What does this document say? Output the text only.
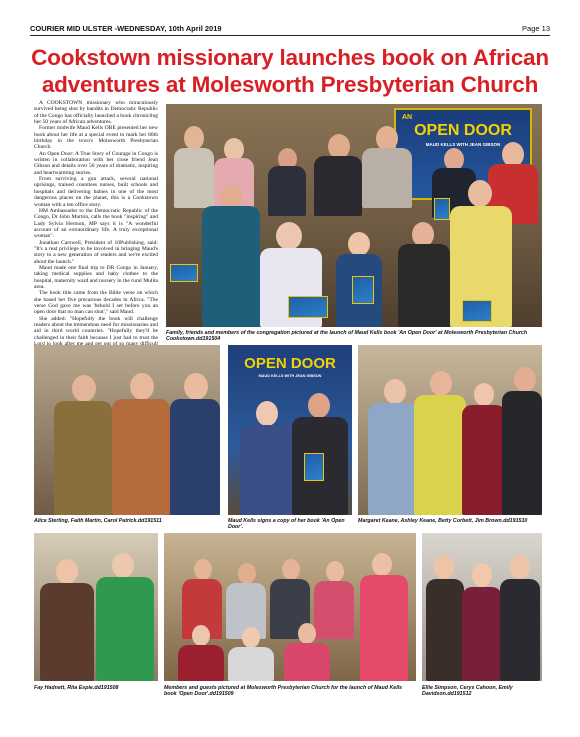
COURIER MID ULSTER -WEDNESDAY, 10th April 2019	Page 13
Cookstown missionary launches book on African adventures at Molesworth Presbyterian Church

A COOKSTOWN missionary who miraculously survived being shot by bandits in Democratic Republic of the Congo has officially launched a book chronicling her 50 years of African adventures.

Former midwife Maud Kells OBE presented her new book about her life at a special event to mark her 80th birthday in the town's Molesworth Presbyterian Church.

An Open Door: A True Story of Courage in Congo is written in collaboration with her close friend Jean Gibson and details over 50 years of dramatic, inspiring and heartwarming stories.

From surviving a gun attack, several national uprisings, trained countless nurses, built schools and hospitals and delivering babies in one of the most dangerous places on the planet, this is a Cookstown woman with a ten office story.

HM Ambassador to the Democratic Republic of the Congo, Dr John Murton, calls the book "inspiring" and Lady Sylvia Hermon, MP says it is "A wonderful account of an extraordinary life. A truly exceptional woman".

Jonathan Carswell, President of 10Publishing, said: "It's a real privilege to be involved in bringing Maud's story to a new generation of readers and we're excited about the launch."

Maud made one final trip to DR Congo in January, taking medical supplies and baby clothes to the hospital, maternity ward and nursery in the rural Mulita area.

The book title came from the Bible verse on which she based her five precarious decades in Africa. "The verse God gave me was 'behold I set before you an open door that no man can shut'," said Maud.

She added: "Hopefully the book will challenge readers about the tremendous need for missionaries and aid in third world countries. "Hopefully they'll be challenged in their faith because I just had to trust the

AN
OPEN DOOR
MAUD KELLS WITH JEAN GIBSON
Family, friends and members of the congregation pictured at the launch of Maud Kells book 'An Open Door' at Molesworth Presbyterian Church Cookstown.dd191504
Alice Sterling, Faith Martin, Carol Patrick.dd191511
OPEN DOOR
MAUD KELLS WITH JEAN GIBSON
Maud Kells signs a copy of her book 'An Open Door'.
Margaret Keane, Ashley Keane, Betty Corbett, Jim Brown.dd191510
Fay Hadnett, Rita Espie.dd191508	Members and guests pictured at Molesworth Presbyterian Church for the launch of Maud Kells book 'Open Door'.dd191509
Ellie Simpson, Cerys Cahoon, Emily Davidson.dd191512
